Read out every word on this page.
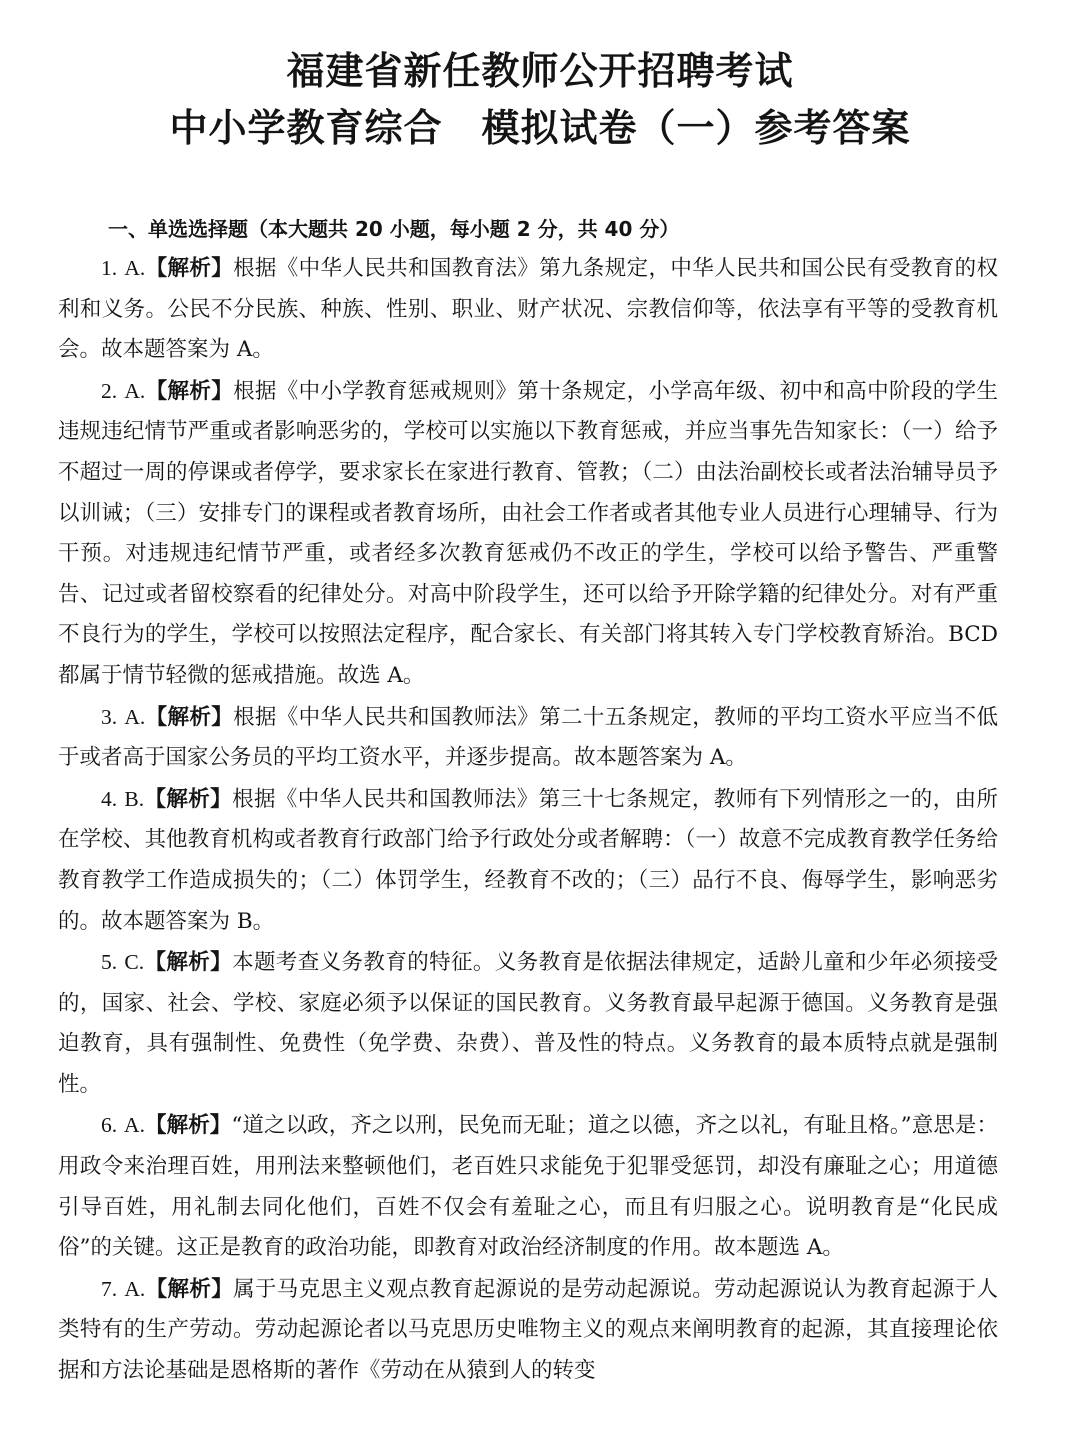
福建省新任教师公开招聘考试
中小学教育综合　模拟试卷（一）参考答案
一、单选选择题（本大题共 20 小题，每小题 2 分，共 40 分）

1. A.【解析】根据《中华人民共和国教育法》第九条规定，中华人民共和国公民有受教育的权利和义务。公民不分民族、种族、性别、职业、财产状况、宗教信仰等，依法享有平等的受教育机会。故本题答案为 A。

2. A.【解析】根据《中小学教育惩戒规则》第十条规定，小学高年级、初中和高中阶段的学生违规违纪情节严重或者影响恶劣的，学校可以实施以下教育惩戒，并应当事先告知家长：（一）给予不超过一周的停课或者停学，要求家长在家进行教育、管教；（二）由法治副校长或者法治辅导员予以训诫；（三）安排专门的课程或者教育场所，由社会工作者或者其他专业人员进行心理辅导、行为干预。对违规违纪情节严重，或者经多次教育惩戒仍不改正的学生，学校可以给予警告、严重警告、记过或者留校察看的纪律处分。对高中阶段学生，还可以给予开除学籍的纪律处分。对有严重不良行为的学生，学校可以按照法定程序，配合家长、有关部门将其转入专门学校教育矫治。BCD 都属于情节轻微的惩戒措施。故选 A。

3. A.【解析】根据《中华人民共和国教师法》第二十五条规定，教师的平均工资水平应当不低于或者高于国家公务员的平均工资水平，并逐步提高。故本题答案为 A。

4. B.【解析】根据《中华人民共和国教师法》第三十七条规定，教师有下列情形之一的，由所在学校、其他教育机构或者教育行政部门给予行政处分或者解聘：（一）故意不完成教育教学任务给教育教学工作造成损失的；（二）体罚学生，经教育不改的；（三）品行不良、侮辱学生，影响恶劣的。故本题答案为 B。

5. C.【解析】本题考查义务教育的特征。义务教育是依据法律规定，适龄儿童和少年必须接受的，国家、社会、学校、家庭必须予以保证的国民教育。义务教育最早起源于德国。义务教育是强迫教育，具有强制性、免费性（免学费、杂费）、普及性的特点。义务教育的最本质特点就是强制性。

6. A.【解析】“道之以政，齐之以刑，民免而无耻；道之以德，齐之以礼，有耻且格。”意思是：用政令来治理百姓，用刑法来整顿他们，老百姓只求能免于犯罪受惩罚，却没有廉耻之心；用道德引导百姓，用礼制去同化他们，百姓不仅会有羞耻之心，而且有归服之心。说明教育是“化民成俗”的关键。这正是教育的政治功能，即教育对政治经济制度的作用。故本题选 A。

7. A.【解析】属于马克思主义观点教育起源说的是劳动起源说。劳动起源说认为教育起源于人类特有的生产劳动。劳动起源论者以马克思历史唯物主义的观点来阐明教育的起源，其直接理论依据和方法论基础是恩格斯的著作《劳动在从猿到人的转变
